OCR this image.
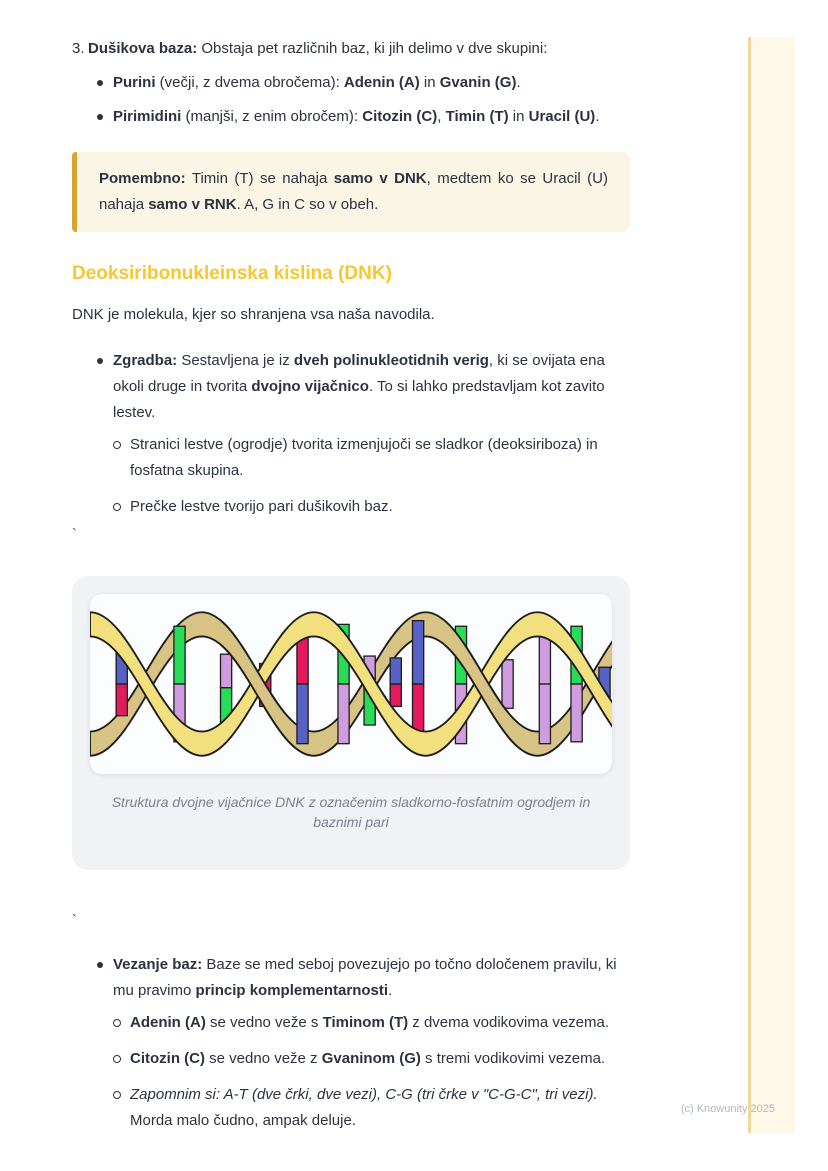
3. Dušikova baza: Obstaja pet različnih baz, ki jih delimo v dve skupini:
Purini (večji, z dvema obročema): Adenin (A) in Gvanin (G).
Pirimidini (manjši, z enim obročem): Citozin (C), Timin (T) in Uracil (U).
Pomembno: Timin (T) se nahaja samo v DNK, medtem ko se Uracil (U) nahaja samo v RNK. A, G in C so v obeh.
Deoksiribonukleinska kislina (DNK)
DNK je molekula, kjer so shranjena vsa naša navodila.
Zgradba: Sestavljena je iz dveh polinukleotidnih verig, ki se ovijata ena okoli druge in tvorita dvojno vijačnico. To si lahko predstavljam kot zavito lestev.
Stranici lestve (ogrodje) tvorita izmenjujoči se sladkor (deoksiriboza) in fosfatna skupina.
Prečke lestve tvorijo pari dušikovih baz.
`
Struktura dvojne vijačnice DNK z označenim sladkorno-fosfatnim ogrodjem in baznimi pari
`
Vezanje baz: Baze se med seboj povezujejo po točno določenem pravilu, ki mu pravimo princip komplementarnosti.
Adenin (A) se vedno veže s Timinom (T) z dvema vodikovima vezema.
Citozin (C) se vedno veže z Gvaninom (G) s tremi vodikovimi vezema.
Zapomnim si: A-T (dve črki, dve vezi), C-G (tri črke v "C-G-C", tri vezi). Morda malo čudno, ampak deluje.
(c) Knowunity 2025
